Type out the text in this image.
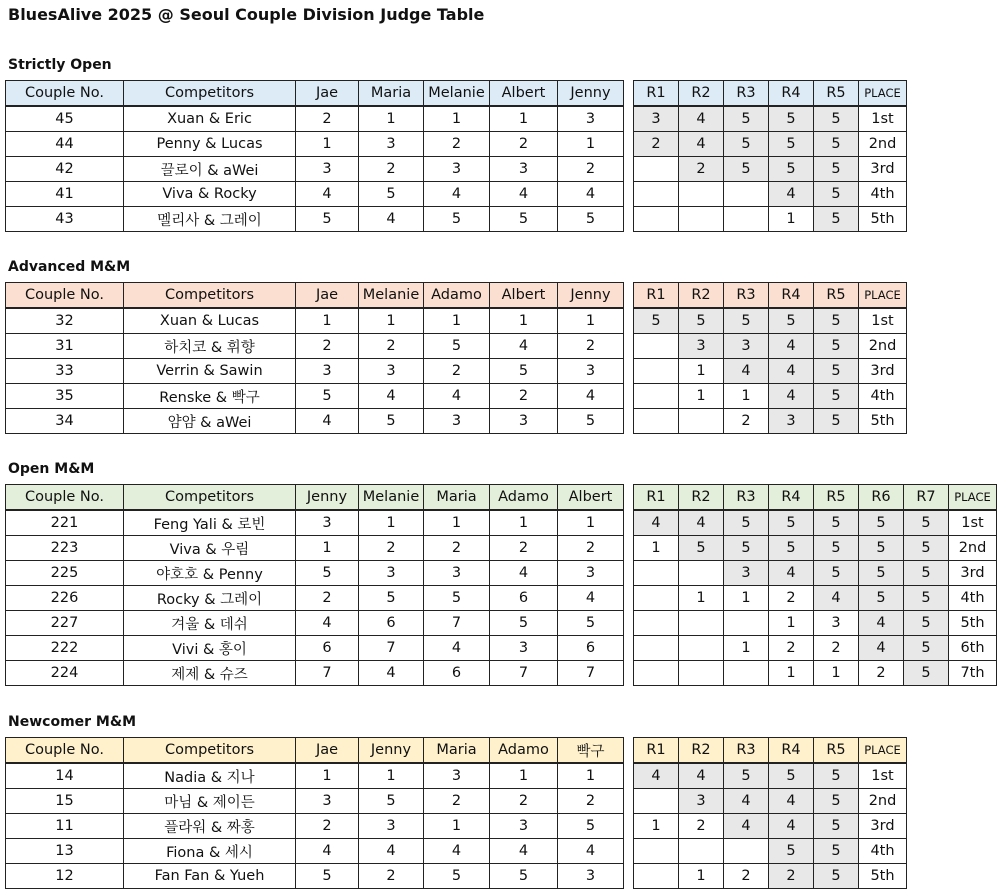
BluesAlive 2025 @ Seoul Couple Division Judge Table
Strictly Open
Couple No.	Competitors	Jae	Maria	Melanie	Albert	Jenny
45	Xuan & Eric	2	1	1	1	3
44	Penny & Lucas	1	3	2	2	1
42	끌로이 & aWei	3	2	3	3	2
41	Viva & Rocky	4	5	4	4	4
43	멜리사 & 그레이	5	4	5	5	5
R1	R2	R3	R4	R5	PLACE
3	4	5	5	5	1st
2	4	5	5	5	2nd
	2	5	5	5	3rd
			4	5	4th
			1	5	5th
Advanced M&M
Couple No.	Competitors	Jae	Melanie	Adamo	Albert	Jenny
32	Xuan & Lucas	1	1	1	1	1
31	하치코 & 휘향	2	2	5	4	2
33	Verrin & Sawin	3	3	2	5	3
35	Renske & 빡구	5	4	4	2	4
34	얌얌 & aWei	4	5	3	3	5
R1	R2	R3	R4	R5	PLACE
5	5	5	5	5	1st
	3	3	4	5	2nd
	1	4	4	5	3rd
	1	1	4	5	4th
		2	3	5	5th
Open M&M
Couple No.	Competitors	Jenny	Melanie	Maria	Adamo	Albert
221	Feng Yali & 로빈	3	1	1	1	1
223	Viva & 우림	1	2	2	2	2
225	야호호 & Penny	5	3	3	4	3
226	Rocky & 그레이	2	5	5	6	4
227	겨울 & 데쉬	4	6	7	5	5
222	Vivi & 홍이	6	7	4	3	6
224	제제 & 슈즈	7	4	6	7	7
R1	R2	R3	R4	R5	R6	R7	PLACE
4	4	5	5	5	5	5	1st
1	5	5	5	5	5	5	2nd
		3	4	5	5	5	3rd
	1	1	2	4	5	5	4th
			1	3	4	5	5th
		1	2	2	4	5	6th
			1	1	2	5	7th
Newcomer M&M
Couple No.	Competitors	Jae	Jenny	Maria	Adamo	빡구
14	Nadia & 지나	1	1	3	1	1
15	마님 & 제이든	3	5	2	2	2
11	플라워 & 짜홍	2	3	1	3	5
13	Fiona & 세시	4	4	4	4	4
12	Fan Fan & Yueh	5	2	5	5	3
R1	R2	R3	R4	R5	PLACE
4	4	5	5	5	1st
	3	4	4	5	2nd
1	2	4	4	5	3rd
			5	5	4th
	1	2	2	5	5th
